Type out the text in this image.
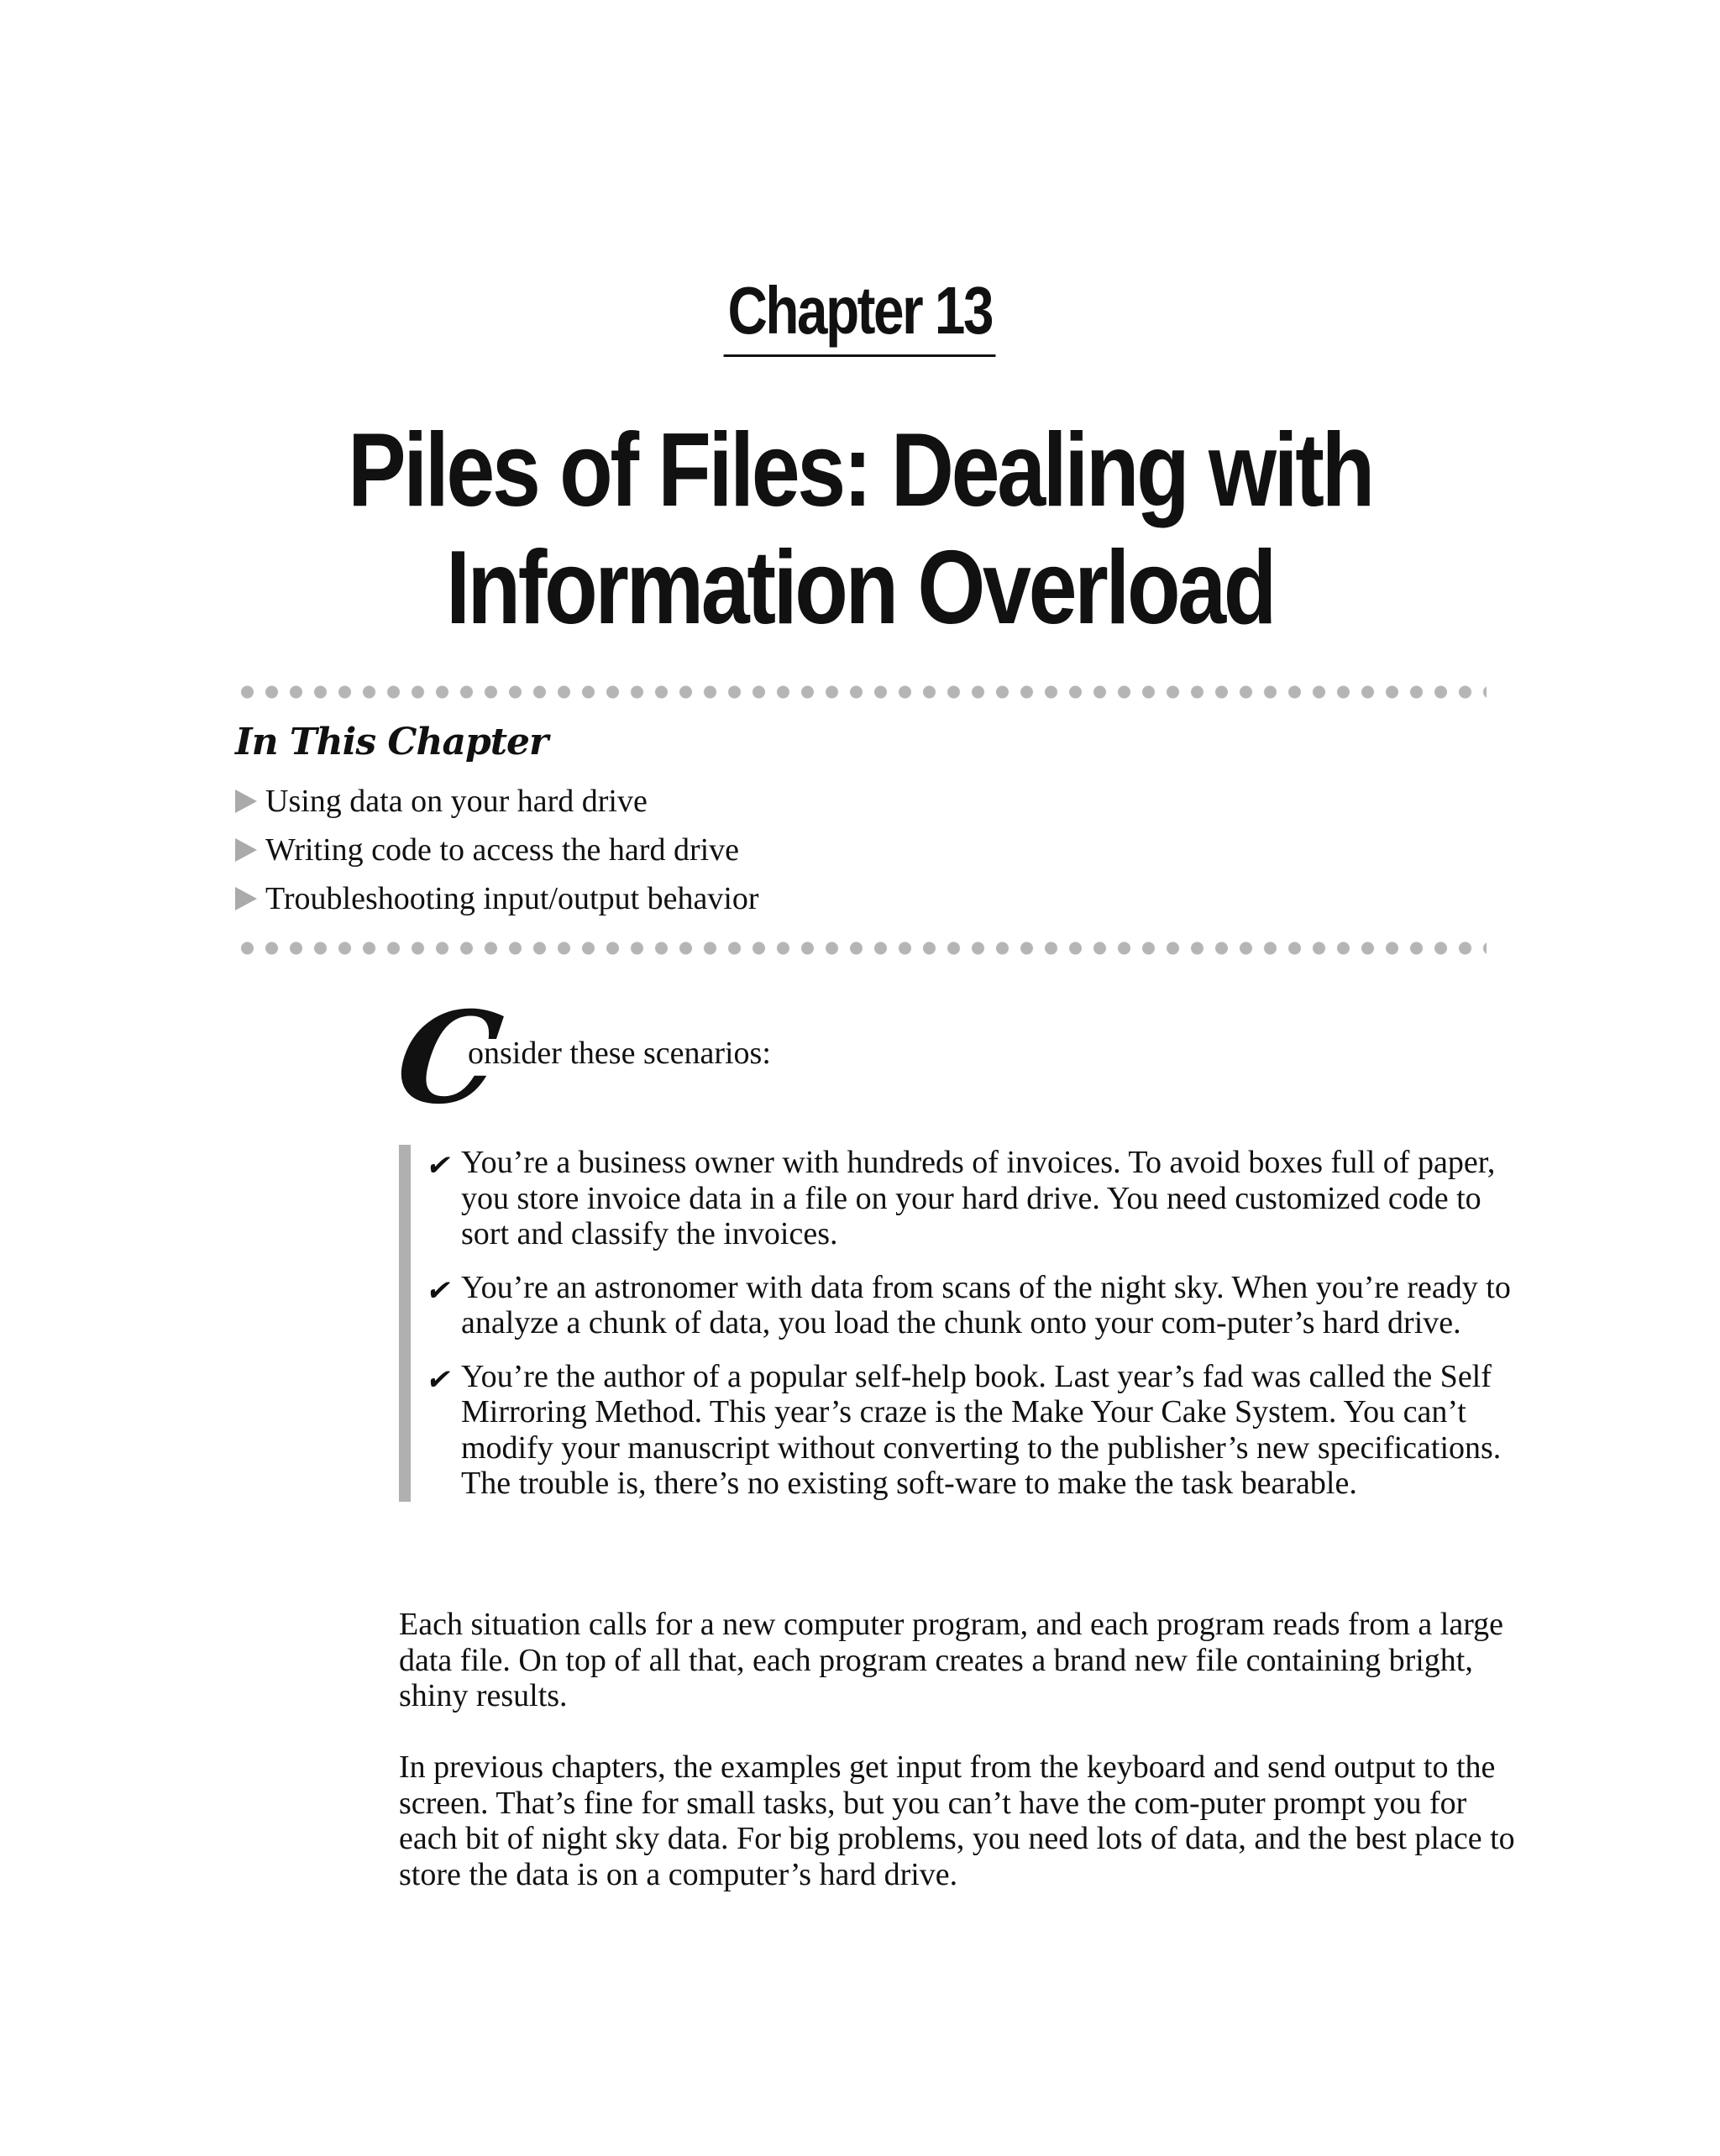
Chapter 13
Piles of Files: Dealing with
Information Overload
In This Chapter
Using data on your hard drive
Writing code to access the hard drive
Troubleshooting input/output behavior
C
onsider these scenarios:
✔ You’re a business owner with hundreds of invoices. To avoid boxes full of paper, you store invoice data in a file on your hard drive. You need customized code to sort and classify the invoices.
✔ You’re an astronomer with data from scans of the night sky. When you’re ready to analyze a chunk of data, you load the chunk onto your com-puter’s hard drive.
✔ You’re the author of a popular self-help book. Last year’s fad was called the Self Mirroring Method. This year’s craze is the Make Your Cake System. You can’t modify your manuscript without converting to the publisher’s new specifications. The trouble is, there’s no existing soft-ware to make the task bearable.

Each situation calls for a new computer program, and each program reads from a large data file. On top of all that, each program creates a brand new file containing bright, shiny results.

In previous chapters, the examples get input from the keyboard and send output to the screen. That’s fine for small tasks, but you can’t have the com-puter prompt you for each bit of night sky data. For big problems, you need lots of data, and the best place to store the data is on a computer’s hard drive.
